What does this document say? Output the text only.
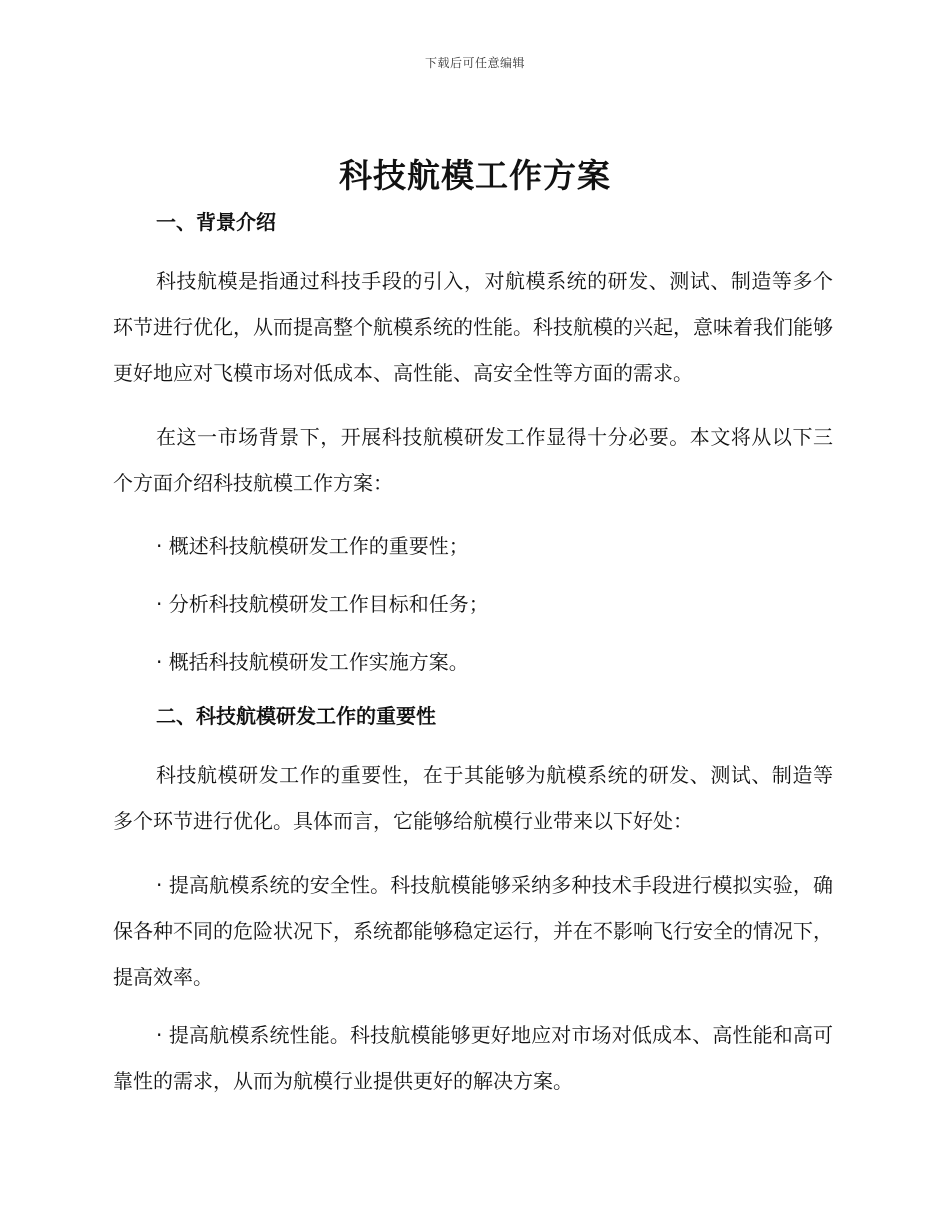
下载后可任意编辑
科技航模工作方案
一、背景介绍

科技航模是指通过科技手段的引入，对航模系统的研发、测试、制造等多个环节进行优化，从而提高整个航模系统的性能。科技航模的兴起，意味着我们能够更好地应对飞模市场对低成本、高性能、高安全性等方面的需求。

在这一市场背景下，开展科技航模研发工作显得十分必要。本文将从以下三个方面介绍科技航模工作方案：

· 概述科技航模研发工作的重要性；
· 分析科技航模研发工作目标和任务；
· 概括科技航模研发工作实施方案。
二、科技航模研发工作的重要性

科技航模研发工作的重要性，在于其能够为航模系统的研发、测试、制造等多个环节进行优化。具体而言，它能够给航模行业带来以下好处：

· 提高航模系统的安全性。科技航模能够采纳多种技术手段进行模拟实验，确保各种不同的危险状况下，系统都能够稳定运行，并在不影响飞行安全的情况下，提高效率。

· 提高航模系统性能。科技航模能够更好地应对市场对低成本、高性能和高可靠性的需求，从而为航模行业提供更好的解决方案。
